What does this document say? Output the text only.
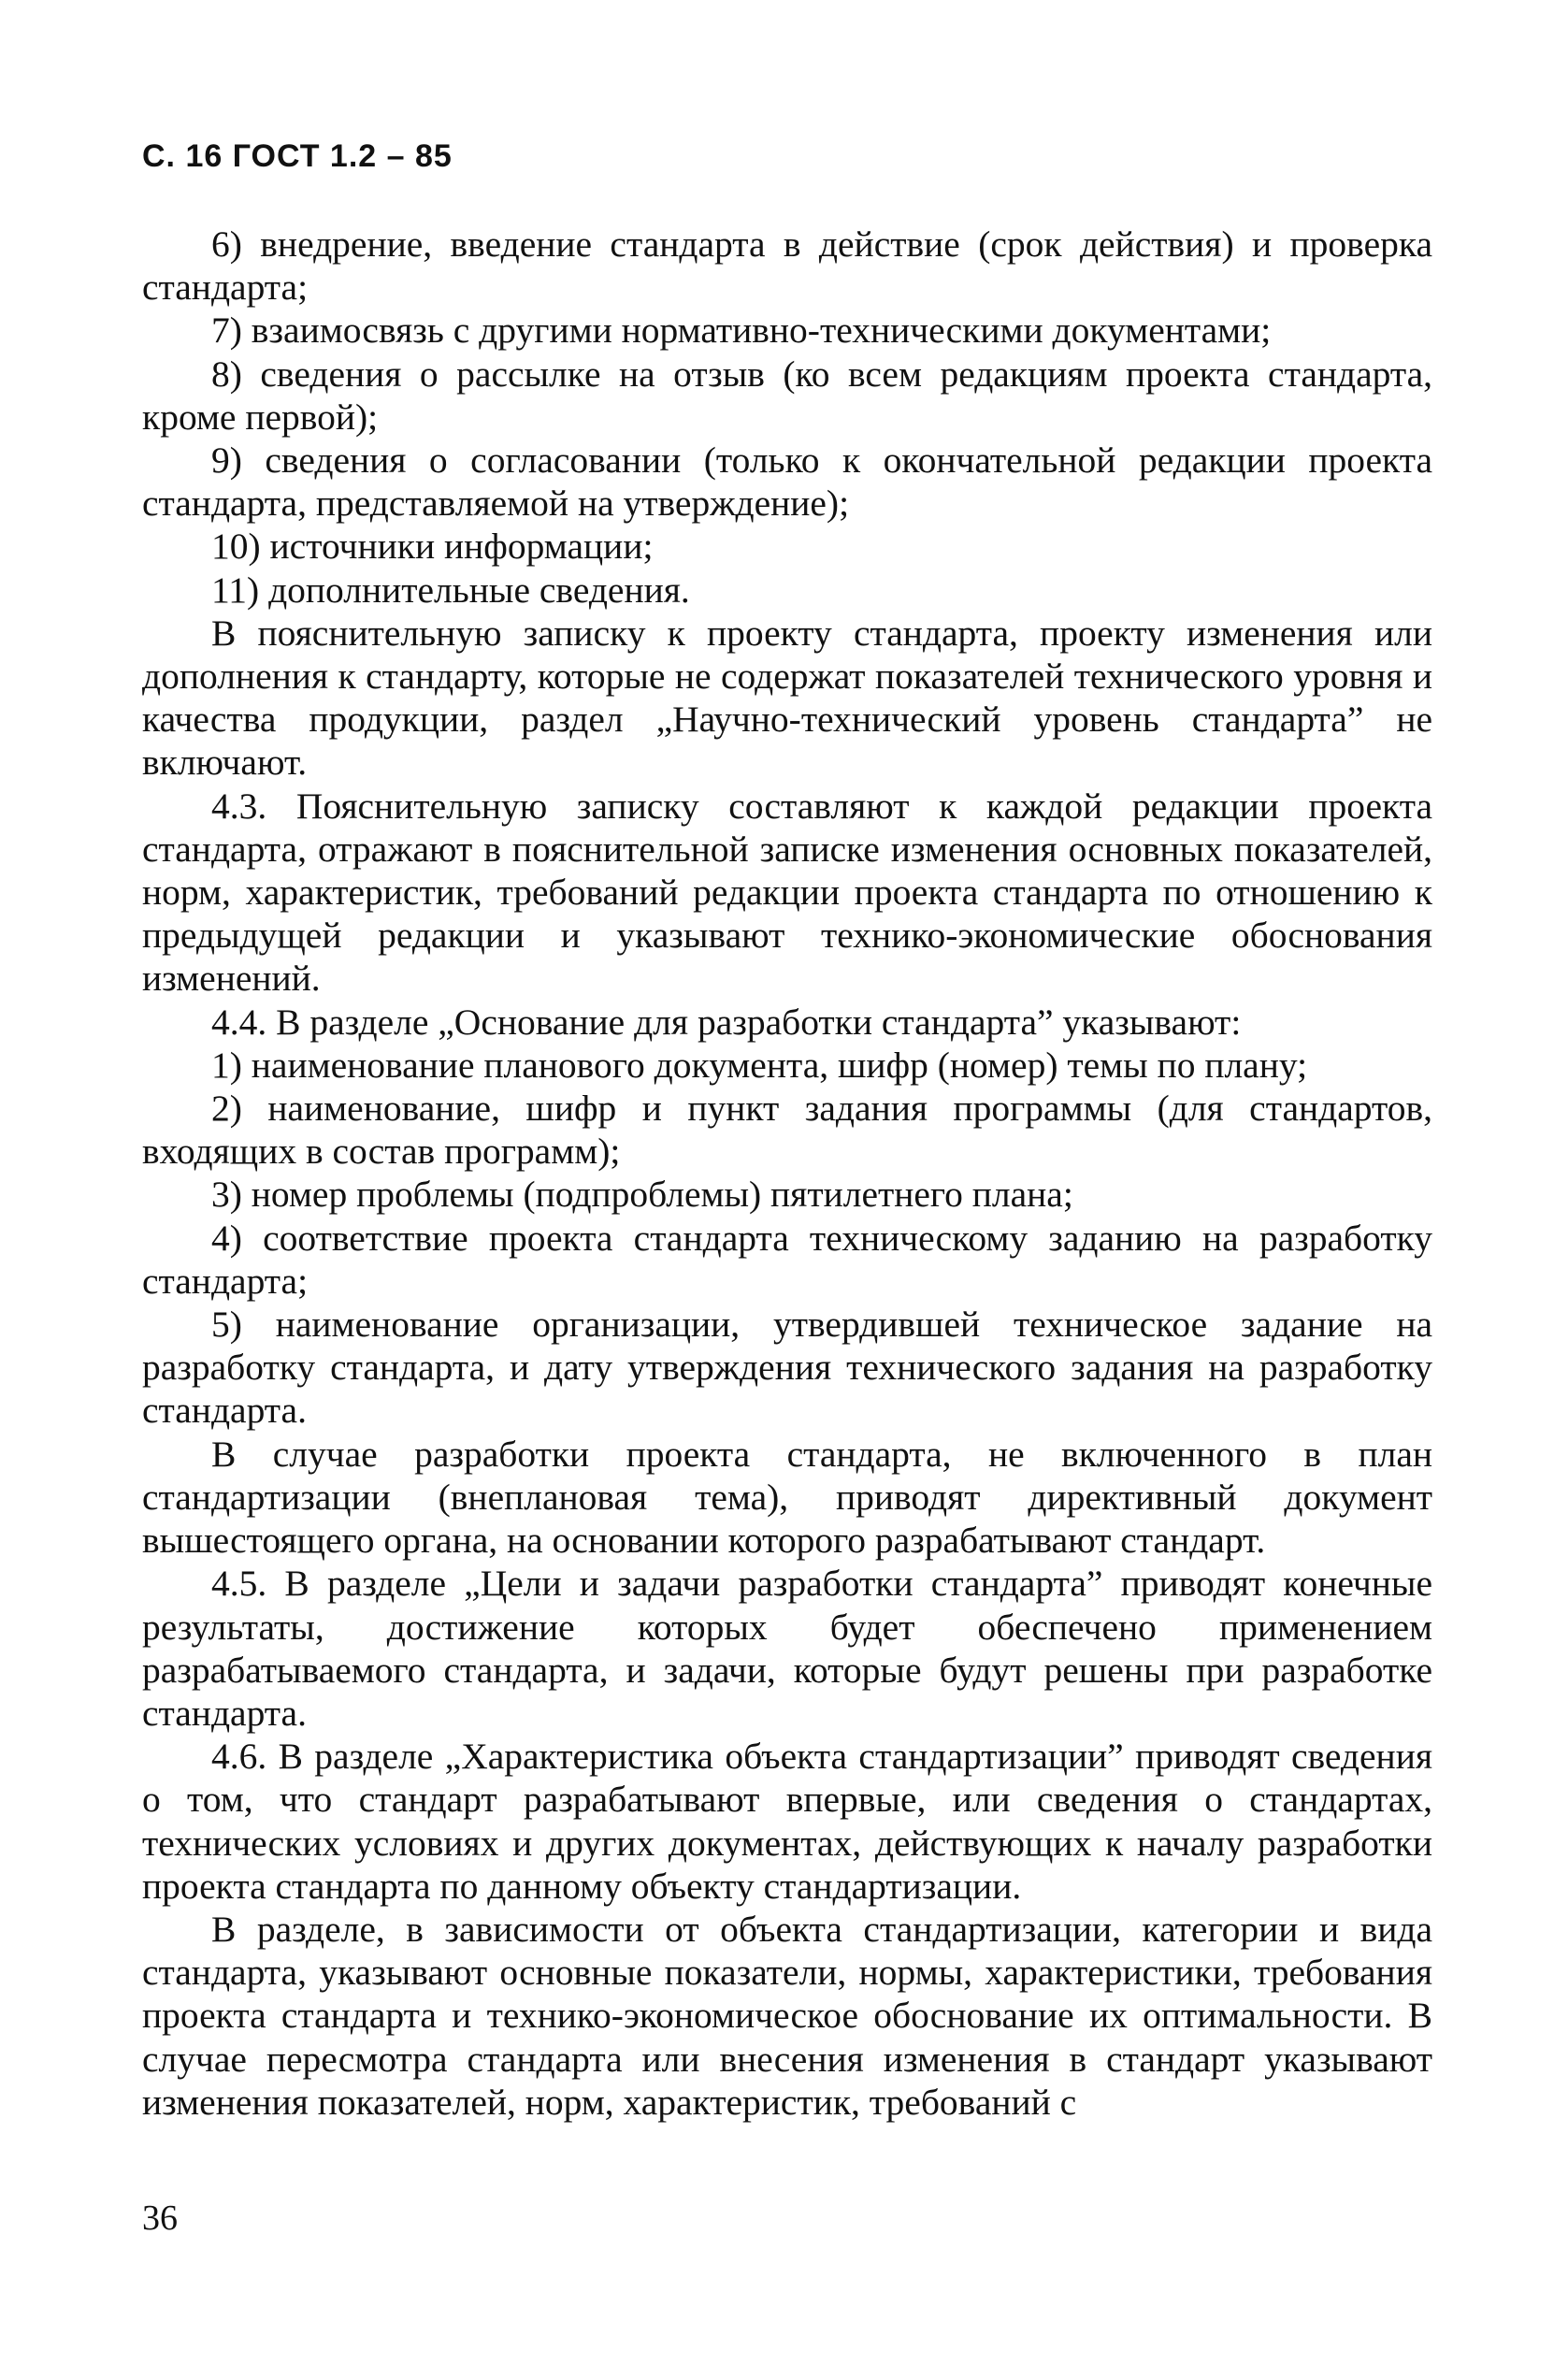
С. 16 ГОСТ 1.2 – 85

6) внедрение, введение стандарта в действие (срок действия) и проверка стандарта;

7) взаимосвязь с другими нормативно-техническими документами;

8) сведения о рассылке на отзыв (ко всем редакциям проекта стандарта, кроме первой);

9) сведения о согласовании (только к окончательной редакции проекта стандарта, представляемой на утверждение);

10) источники информации;

11) дополнительные сведения.

В пояснительную записку к проекту стандарта, проекту изменения или дополнения к стандарту, которые не содержат показателей технического уровня и качества продукции, раздел „Научно-технический уровень стандарта” не включают.

4.3. Пояснительную записку составляют к каждой редакции проекта стандарта, отражают в пояснительной записке изменения основных показателей, норм, характеристик, требований редакции проекта стандарта по отношению к предыдущей редакции и указывают технико-экономические обоснования изменений.

4.4. В разделе „Основание для разработки стандарта” указывают:

1) наименование планового документа, шифр (номер) темы по плану;

2) наименование, шифр и пункт задания программы (для стандартов, входящих в состав программ);

3) номер проблемы (подпроблемы) пятилетнего плана;

4) соответствие проекта стандарта техническому заданию на разработку стандарта;

5) наименование организации, утвердившей техническое задание на разработку стандарта, и дату утверждения технического задания на разработку стандарта.

В случае разработки проекта стандарта, не включенного в план стандартизации (внеплановая тема), приводят директивный документ вышестоящего органа, на основании которого разрабатывают стандарт.

4.5. В разделе „Цели и задачи разработки стандарта” приводят конечные результаты, достижение которых будет обеспечено применением разрабатываемого стандарта, и задачи, которые будут решены при разработке стандарта.

4.6. В разделе „Характеристика объекта стандартизации” приводят сведения о том, что стандарт разрабатывают впервые, или сведения о стандартах, технических условиях и других документах, действующих к началу разработки проекта стандарта по данному объекту стандартизации.

В разделе, в зависимости от объекта стандартизации, категории и вида стандарта, указывают основные показатели, нормы, характеристики, требования проекта стандарта и технико-экономическое обоснование их оптимальности. В случае пересмотра стандарта или внесения изменения в стандарт указывают изменения показателей, норм, характеристик, требований с

36
